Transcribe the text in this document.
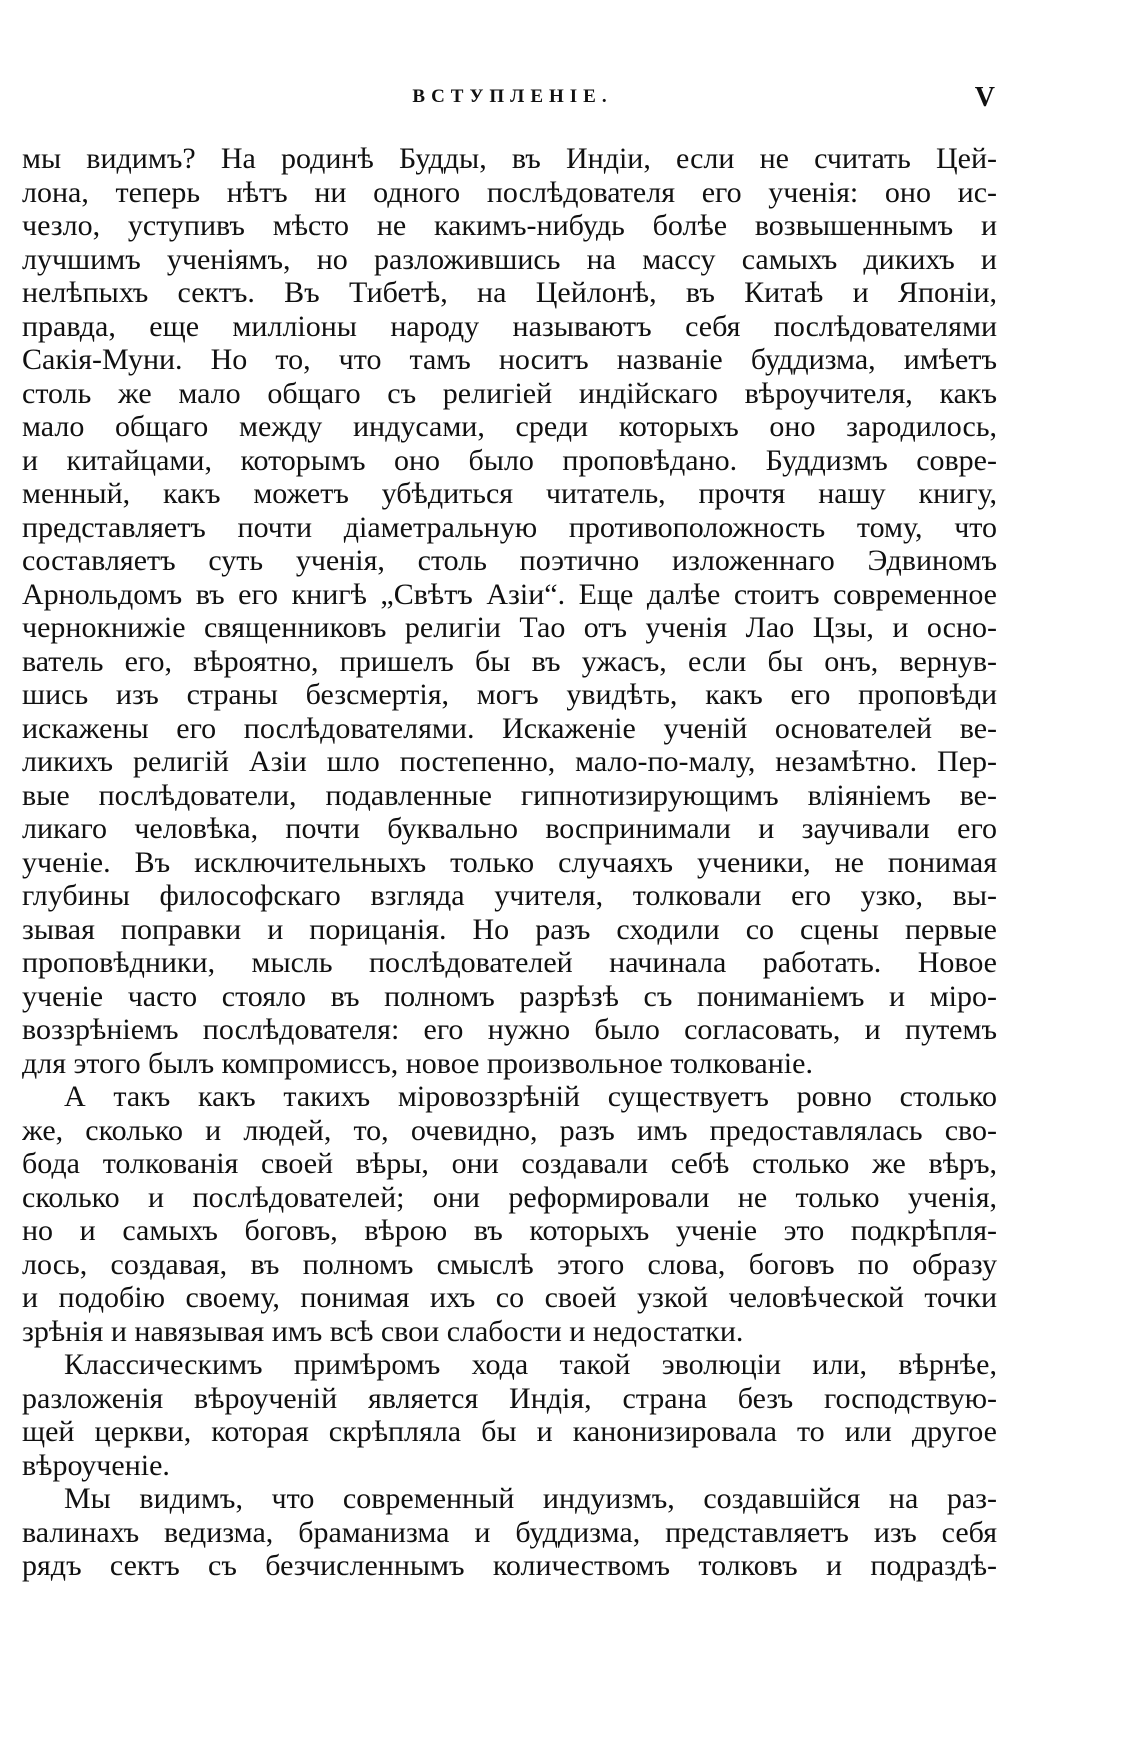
ВСТУПЛЕНIЕ.	V
мы видимъ? На родинѣ Будды, въ Индіи, если не считать Цей-
лона, теперь нѣтъ ни одного послѣдователя его ученія: оно ис-
чезло, уступивъ мѣсто не какимъ-нибудь болѣе возвышеннымъ и
лучшимъ ученіямъ, но разложившись на массу самыхъ дикихъ и
нелѣпыхъ сектъ. Въ Тибетѣ, на Цейлонѣ, въ Китаѣ и Японіи,
правда, еще милліоны народу называютъ себя послѣдователями
Сакія-Муни. Но то, что тамъ носитъ названіе буддизма, имѣетъ
столь же мало общаго съ религіей индійскаго вѣроучителя, какъ
мало общаго между индусами, среди которыхъ оно зародилось,
и китайцами, которымъ оно было проповѣдано. Буддизмъ совре-
менный, какъ можетъ убѣдиться читатель, прочтя нашу книгу,
представляетъ почти діаметральную противоположность тому, что
составляетъ суть ученія, столь поэтично изложеннаго Эдвиномъ
Арнольдомъ въ его книгѣ „Свѣтъ Азіи“. Еще далѣе стоитъ современное
чернокнижіе священниковъ религіи Тао отъ ученія Лао Цзы, и осно-
ватель его, вѣроятно, пришелъ бы въ ужасъ, если бы онъ, вернув-
шись изъ страны безсмертія, могъ увидѣть, какъ его проповѣди
искажены его послѣдователями. Искаженіе ученій основателей ве-
ликихъ религій Азіи шло постепенно, мало-по-малу, незамѣтно. Пер-
вые послѣдователи, подавленные гипнотизирующимъ вліяніемъ ве-
ликаго человѣка, почти буквально воспринимали и заучивали его
ученіе. Въ исключительныхъ только случаяхъ ученики, не понимая
глубины философскаго взгляда учителя, толковали его узко, вы-
зывая поправки и порицанія. Но разъ сходили со сцены первые
проповѣдники, мысль послѣдователей начинала работать. Новое
ученіе часто стояло въ полномъ разрѣзѣ съ пониманіемъ и міро-
воззрѣніемъ послѣдователя: его нужно было согласовать, и путемъ
для этого былъ компромиссъ, новое произвольное толкованіе.
А такъ какъ такихъ міровоззрѣній существуетъ ровно столько
же, сколько и людей, то, очевидно, разъ имъ предоставлялась сво-
бода толкованія своей вѣры, они создавали себѣ столько же вѣръ,
сколько и послѣдователей; они реформировали не только ученія,
но и самыхъ боговъ, вѣрою въ которыхъ ученіе это подкрѣпля-
лось, создавая, въ полномъ смыслѣ этого слова, боговъ по образу
и подобію своему, понимая ихъ со своей узкой человѣческой точки
зрѣнія и навязывая имъ всѣ свои слабости и недостатки.
Классическимъ примѣромъ хода такой эволюціи или, вѣрнѣе,
разложенія вѣроученій является Индія, страна безъ господствую-
щей церкви, которая скрѣпляла бы и канонизировала то или другое
вѣроученіе.
Мы видимъ, что современный индуизмъ, создавшійся на раз-
валинахъ ведизма, браманизма и буддизма, представляетъ изъ себя
рядъ сектъ съ безчисленнымъ количествомъ толковъ и подраздѣ-
